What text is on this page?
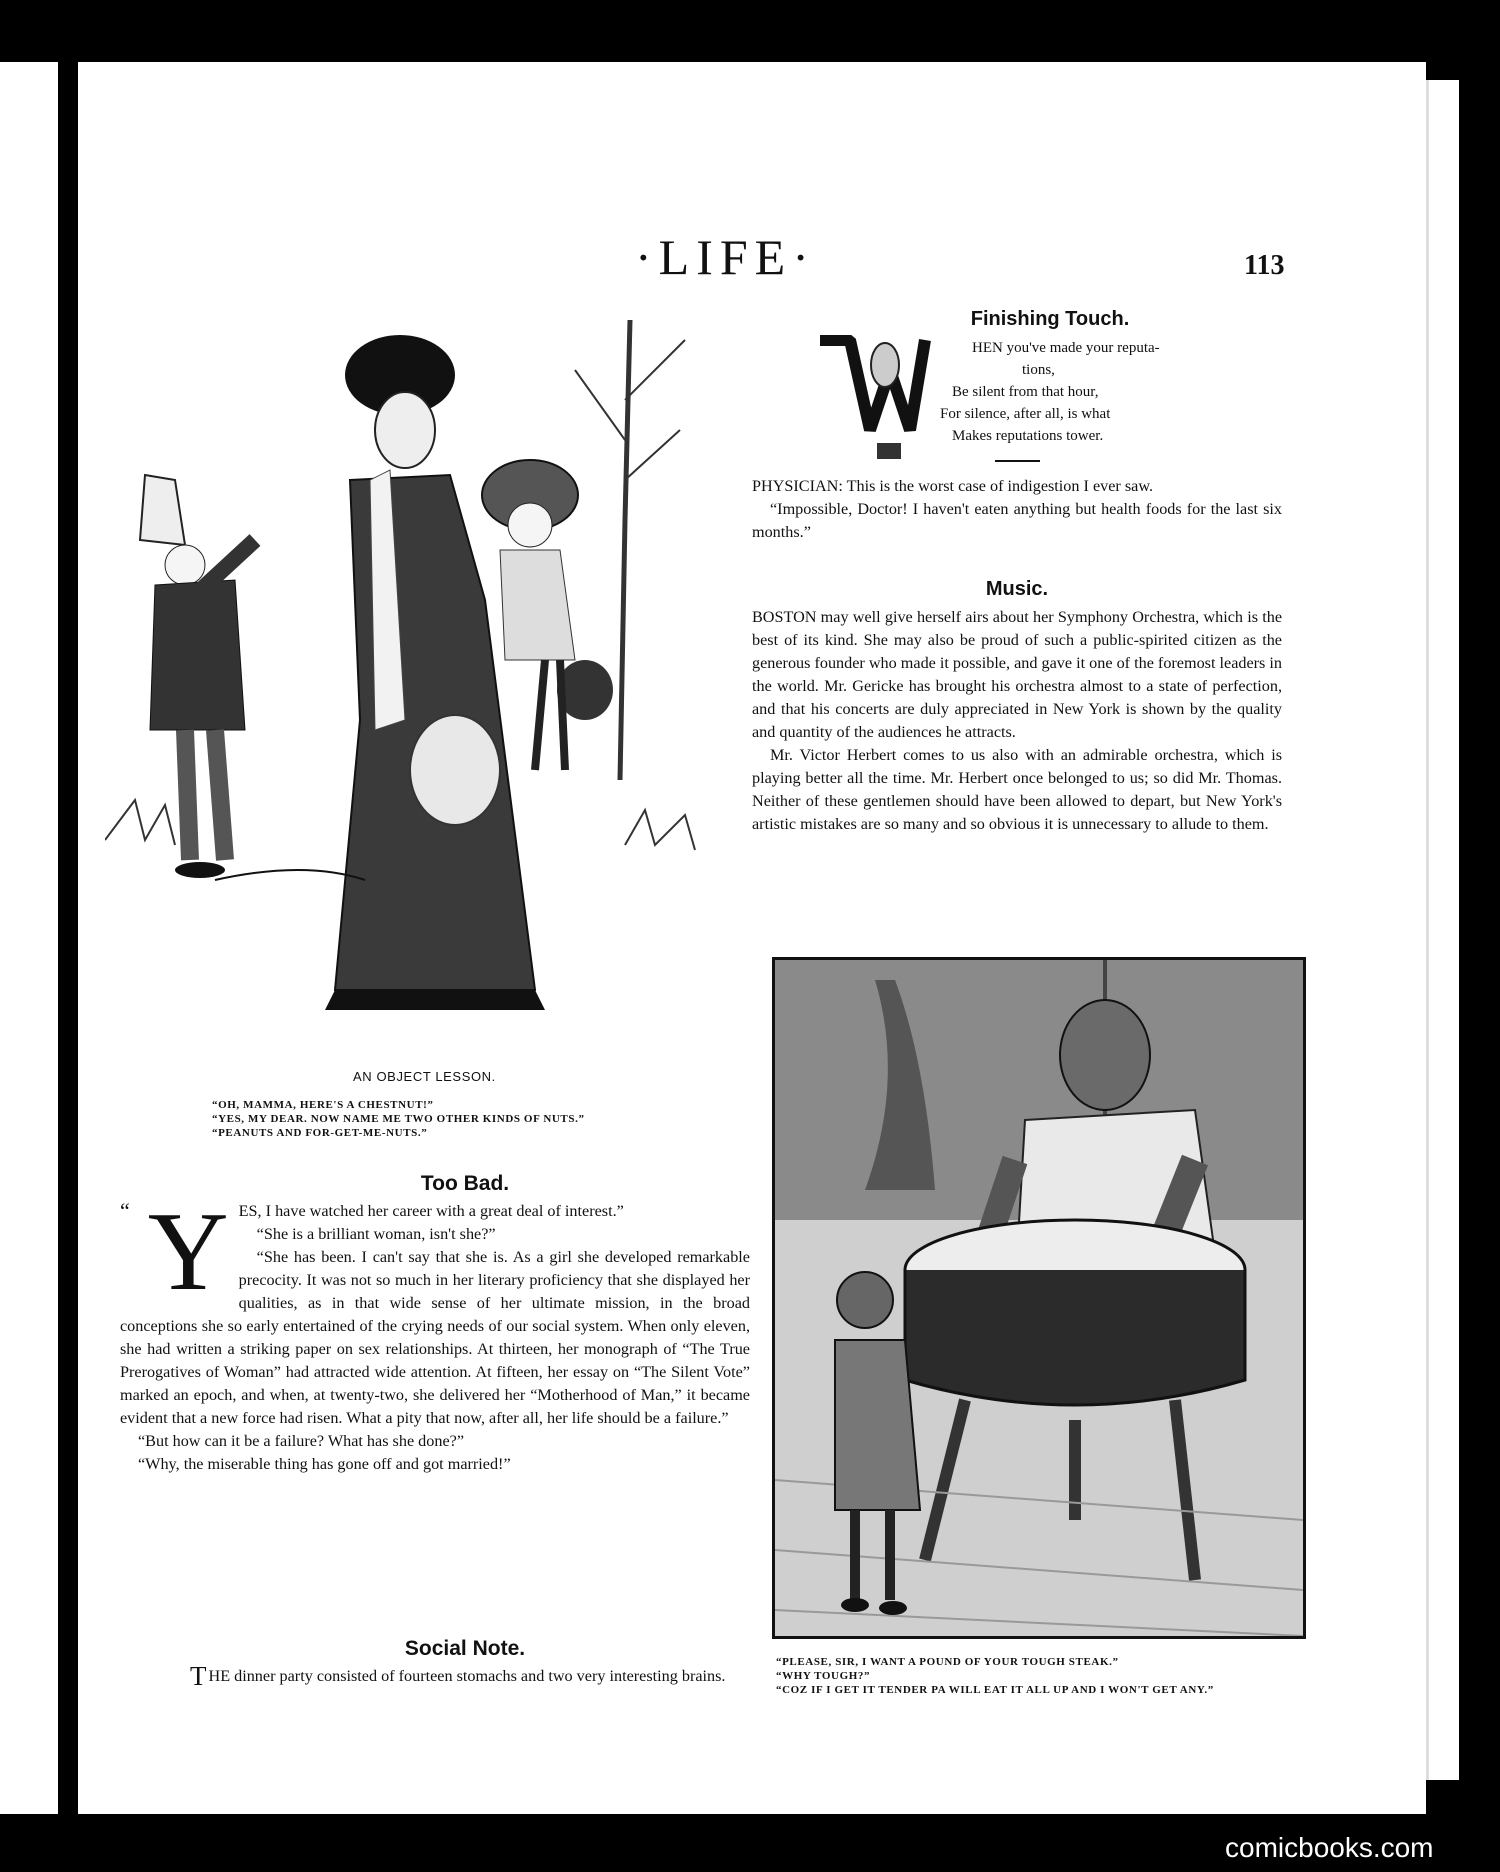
·LIFE·	113
AN OBJECT LESSON.
“OH, MAMMA, HERE'S A CHESTNUT!”
“YES, MY DEAR. NOW NAME ME TWO OTHER KINDS OF NUTS.”
“PEANUTS AND FOR-GET-ME-NUTS.”
Too Bad.
“ Y ES, I have watched her career with a great deal of interest.”

“She is a brilliant woman, isn't she?”

“She has been. I can't say that she is. As a girl she developed remarkable precocity. It was not so much in her literary proficiency that she displayed her qualities, as in that wide sense of her ultimate mission, in the broad conceptions she so early entertained of the crying needs of our social system. When only eleven, she had written a striking paper on sex relationships. At thirteen, her monograph of “The True Prerogatives of Woman” had attracted wide attention. At fifteen, her essay on “The Silent Vote” marked an epoch, and when, at twenty-two, she delivered her “Motherhood of Man,” it became evident that a new force had risen. What a pity that now, after all, her life should be a failure.”

“But how can it be a failure? What has she done?”

“Why, the miserable thing has gone off and got married!”

Social Note.
THE dinner party consisted of fourteen stomachs and two very interesting brains.
Finishing Touch.
HEN you've made your reputa-
tions,
Be silent from that hour,
For silence, after all, is what
Makes reputations tower.

PHYSICIAN: This is the worst case of indigestion I ever saw.

“Impossible, Doctor! I haven't eaten anything but health foods for the last six months.”

Music.

BOSTON may well give herself airs about her Symphony Orchestra, which is the best of its kind. She may also be proud of such a public-spirited citizen as the generous founder who made it possible, and gave it one of the foremost leaders in the world. Mr. Gericke has brought his orchestra almost to a state of perfection, and that his concerts are duly appreciated in New York is shown by the quality and quantity of the audiences he attracts.

Mr. Victor Herbert comes to us also with an admirable orchestra, which is playing better all the time. Mr. Herbert once belonged to us; so did Mr. Thomas. Neither of these gentlemen should have been allowed to depart, but New York's artistic mistakes are so many and so obvious it is unnecessary to allude to them.

“PLEASE, SIR, I WANT A POUND OF YOUR TOUGH STEAK.”
“WHY TOUGH?”
“COZ IF I GET IT TENDER PA WILL EAT IT ALL UP AND I WON'T GET ANY.”
comicbooks.com
